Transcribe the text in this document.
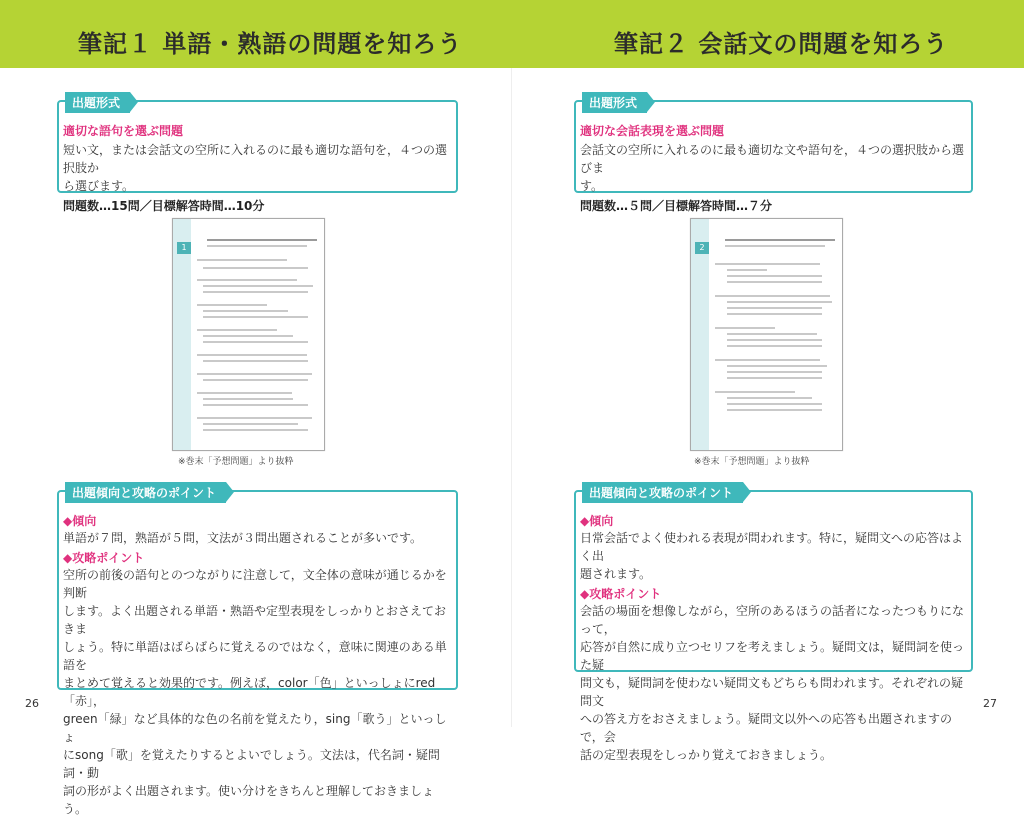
筆記１ 単語・熟語の問題を知ろう	筆記２ 会話文の問題を知ろう
出題形式
適切な語句を選ぶ問題
短い文，または会話文の空所に入れるのに最も適切な語句を，４つの選択肢か
ら選びます。
問題数…15問／目標解答時間…10分
1
※巻末「予想問題」より抜粋
出題傾向と攻略のポイント
◆傾向
単語が７問，熟語が５問，文法が３問出題されることが多いです。
◆攻略ポイント
空所の前後の語句とのつながりに注意して，文全体の意味が通じるかを判断
します。よく出題される単語・熟語や定型表現をしっかりとおさえておきま
しょう。特に単語はばらばらに覚えるのではなく，意味に関連のある単語を
まとめて覚えると効果的です。例えば，color「色」といっしょにred「赤」，
green「緑」など具体的な色の名前を覚えたり，sing「歌う」といっしょ
にsong「歌」を覚えたりするとよいでしょう。文法は，代名詞・疑問詞・動
詞の形がよく出題されます。使い分けをきちんと理解しておきましょう。
26
出題形式
適切な会話表現を選ぶ問題
会話文の空所に入れるのに最も適切な文や語句を，４つの選択肢から選びま
す。
問題数…５問／目標解答時間…７分
2
※巻末「予想問題」より抜粋
出題傾向と攻略のポイント
◆傾向
日常会話でよく使われる表現が問われます。特に，疑問文への応答はよく出
題されます。
◆攻略ポイント
会話の場面を想像しながら，空所のあるほうの話者になったつもりになって，
応答が自然に成り立つセリフを考えましょう。疑問文は，疑問詞を使った疑
問文も，疑問詞を使わない疑問文もどちらも問われます。それぞれの疑問文
への答え方をおさえましょう。疑問文以外への応答も出題されますので，会
話の定型表現をしっかり覚えておきましょう。
27
